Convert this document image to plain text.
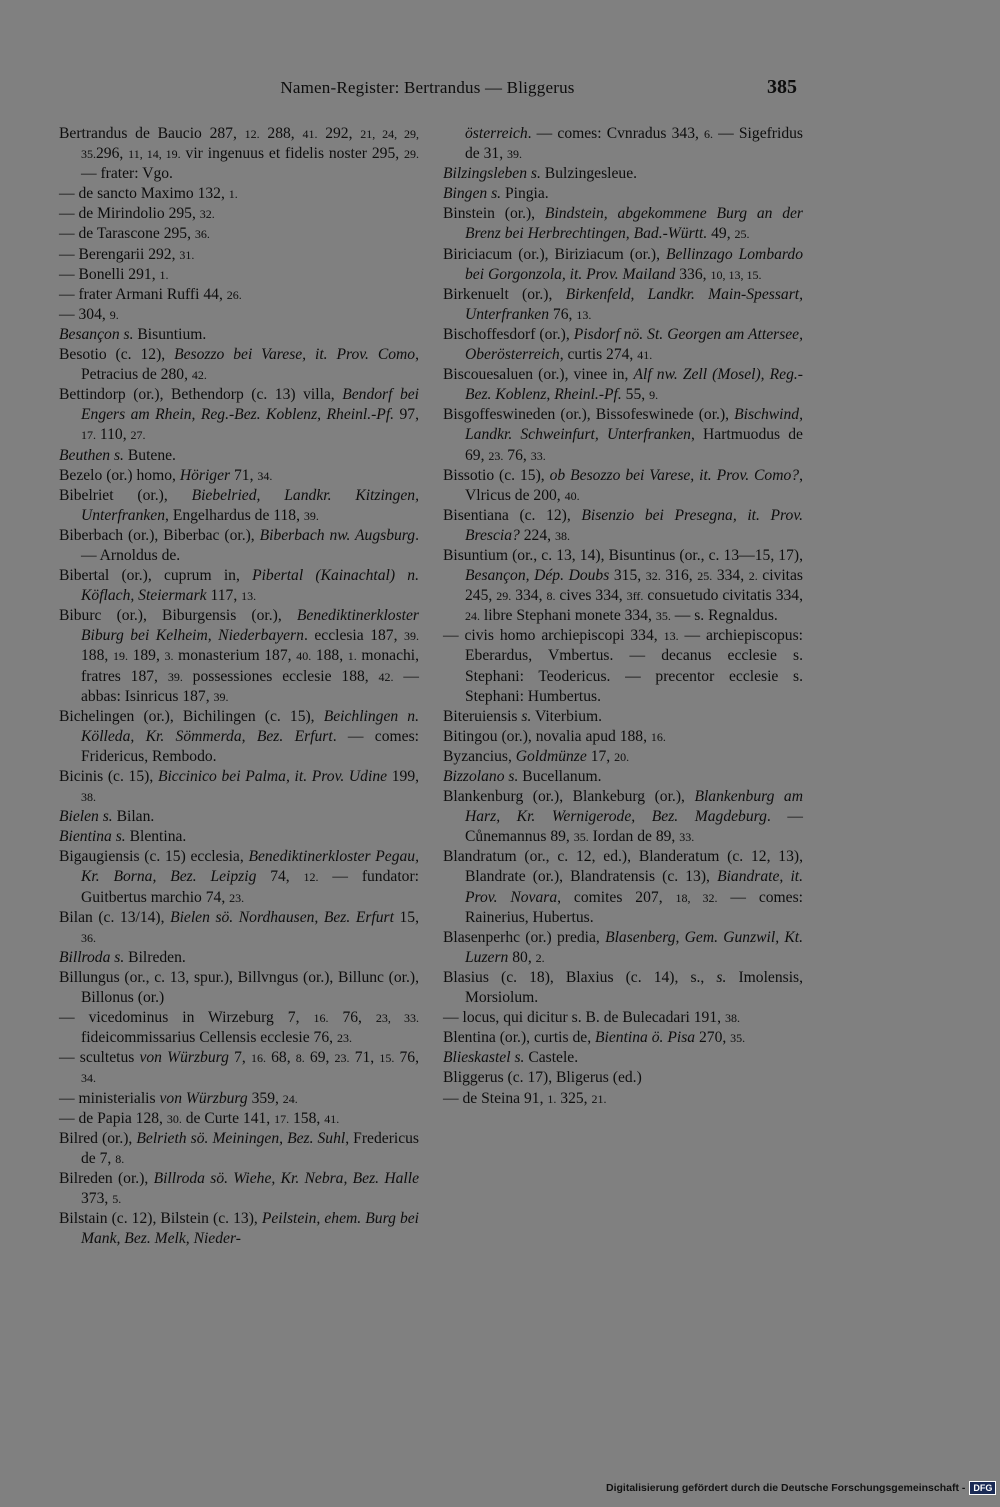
Namen-Register: Bertrandus — Bliggerus	385

Bertrandus de Baucio 287, 12. 288, 41. 292, 21, 24, 29, 35.296, 11, 14, 19. vir ingenuus et fidelis noster 295, 29. — frater: Vgo.

— de sancto Maximo 132, 1.

— de Mirindolio 295, 32.

— de Tarascone 295, 36.

— Berengarii 292, 31.

— Bonelli 291, 1.

— frater Armani Ruffi 44, 26.

— 304, 9.

Besançon s. Bisuntium.

Besotio (c. 12), Besozzo bei Varese, it. Prov. Como, Petracius de 280, 42.

Bettindorp (or.), Bethendorp (c. 13) villa, Bendorf bei Engers am Rhein, Reg.-Bez. Koblenz, Rheinl.-Pf. 97, 17. 110, 27.

Beuthen s. Butene.

Bezelo (or.) homo, Höriger 71, 34.

Bibelriet (or.), Biebelried, Landkr. Kitzingen, Unterfranken, Engelhardus de 118, 39.

Biberbach (or.), Biberbac (or.), Biberbach nw. Augsburg. — Arnoldus de.

Bibertal (or.), cuprum in, Pibertal (Kainachtal) n. Köflach, Steiermark 117, 13.

Biburc (or.), Biburgensis (or.), Benediktinerkloster Biburg bei Kelheim, Niederbayern. ecclesia 187, 39. 188, 19. 189, 3. monasterium 187, 40. 188, 1. monachi, fratres 187, 39. possessiones ecclesie 188, 42. — abbas: Isinricus 187, 39.

Bichelingen (or.), Bichilingen (c. 15), Beichlingen n. Kölleda, Kr. Sömmerda, Bez. Erfurt. — comes: Fridericus, Rembodo.

Bicinis (c. 15), Biccinico bei Palma, it. Prov. Udine 199, 38.

Bielen s. Bilan.

Bientina s. Blentina.

Bigaugiensis (c. 15) ecclesia, Benediktinerkloster Pegau, Kr. Borna, Bez. Leipzig 74, 12. — fundator: Guitbertus marchio 74, 23.

Bilan (c. 13/14), Bielen sö. Nordhausen, Bez. Erfurt 15, 36.

Billroda s. Bilreden.

Billungus (or., c. 13, spur.), Billvngus (or.), Billunc (or.), Billonus (or.)

— vicedominus in Wirzeburg 7, 16. 76, 23, 33. fideicommissarius Cellensis ecclesie 76, 23.

— scultetus von Würzburg 7, 16. 68, 8. 69, 23. 71, 15. 76, 34.

— ministerialis von Würzburg 359, 24.

— de Papia 128, 30. de Curte 141, 17. 158, 41.

Bilred (or.), Belrieth sö. Meiningen, Bez. Suhl, Fredericus de 7, 8.

Bilreden (or.), Billroda sö. Wiehe, Kr. Nebra, Bez. Halle 373, 5.

Bilstain (c. 12), Bilstein (c. 13), Peilstein, ehem. Burg bei Mank, Bez. Melk, Nieder-

österreich. — comes: Cvnradus 343, 6. — Sigefridus de 31, 39.

Bilzingsleben s. Bulzingesleue.

Bingen s. Pingia.

Binstein (or.), Bindstein, abgekommene Burg an der Brenz bei Herbrechtingen, Bad.-Württ. 49, 25.

Biriciacum (or.), Biriziacum (or.), Bellinzago Lombardo bei Gorgonzola, it. Prov. Mailand 336, 10, 13, 15.

Birkenuelt (or.), Birkenfeld, Landkr. Main-Spessart, Unterfranken 76, 13.

Bischoffesdorf (or.), Pisdorf nö. St. Georgen am Attersee, Oberösterreich, curtis 274, 41.

Biscouesaluen (or.), vinee in, Alf nw. Zell (Mosel), Reg.-Bez. Koblenz, Rheinl.-Pf. 55, 9.

Bisgoffeswineden (or.), Bissofeswinede (or.), Bischwind, Landkr. Schweinfurt, Unterfranken, Hartmuodus de 69, 23. 76, 33.

Bissotio (c. 15), ob Besozzo bei Varese, it. Prov. Como?, Vlricus de 200, 40.

Bisentiana (c. 12), Bisenzio bei Presegna, it. Prov. Brescia? 224, 38.

Bisuntium (or., c. 13, 14), Bisuntinus (or., c. 13—15, 17), Besançon, Dép. Doubs 315, 32. 316, 25. 334, 2. civitas 245, 29. 334, 8. cives 334, 3ff. consuetudo civitatis 334, 24. libre Stephani monete 334, 35. — s. Regnaldus.

— civis homo archiepiscopi 334, 13. — archiepiscopus: Eberardus, Vmbertus. — decanus ecclesie s. Stephani: Teodericus. — precentor ecclesie s. Stephani: Humbertus.

Biteruiensis s. Viterbium.

Bitingou (or.), novalia apud 188, 16.

Byzancius, Goldmünze 17, 20.

Bizzolano s. Bucellanum.

Blankenburg (or.), Blankeburg (or.), Blankenburg am Harz, Kr. Wernigerode, Bez. Magdeburg. — Cůnemannus 89, 35. Iordan de 89, 33.

Blandratum (or., c. 12, ed.), Blanderatum (c. 12, 13), Blandrate (or.), Blandratensis (c. 13), Biandrate, it. Prov. Novara, comites 207, 18, 32. — comes: Rainerius, Hubertus.

Blasenperhc (or.) predia, Blasenberg, Gem. Gunzwil, Kt. Luzern 80, 2.

Blasius (c. 18), Blaxius (c. 14), s., s. Imolensis, Morsiolum.

— locus, qui dicitur s. B. de Bulecadari 191, 38.

Blentina (or.), curtis de, Bientina ö. Pisa 270, 35.

Blieskastel s. Castele.

Bliggerus (c. 17), Bligerus (ed.)

— de Steina 91, 1. 325, 21.

Digitalisierung gefördert durch die Deutsche Forschungsgemeinschaft - DFG
